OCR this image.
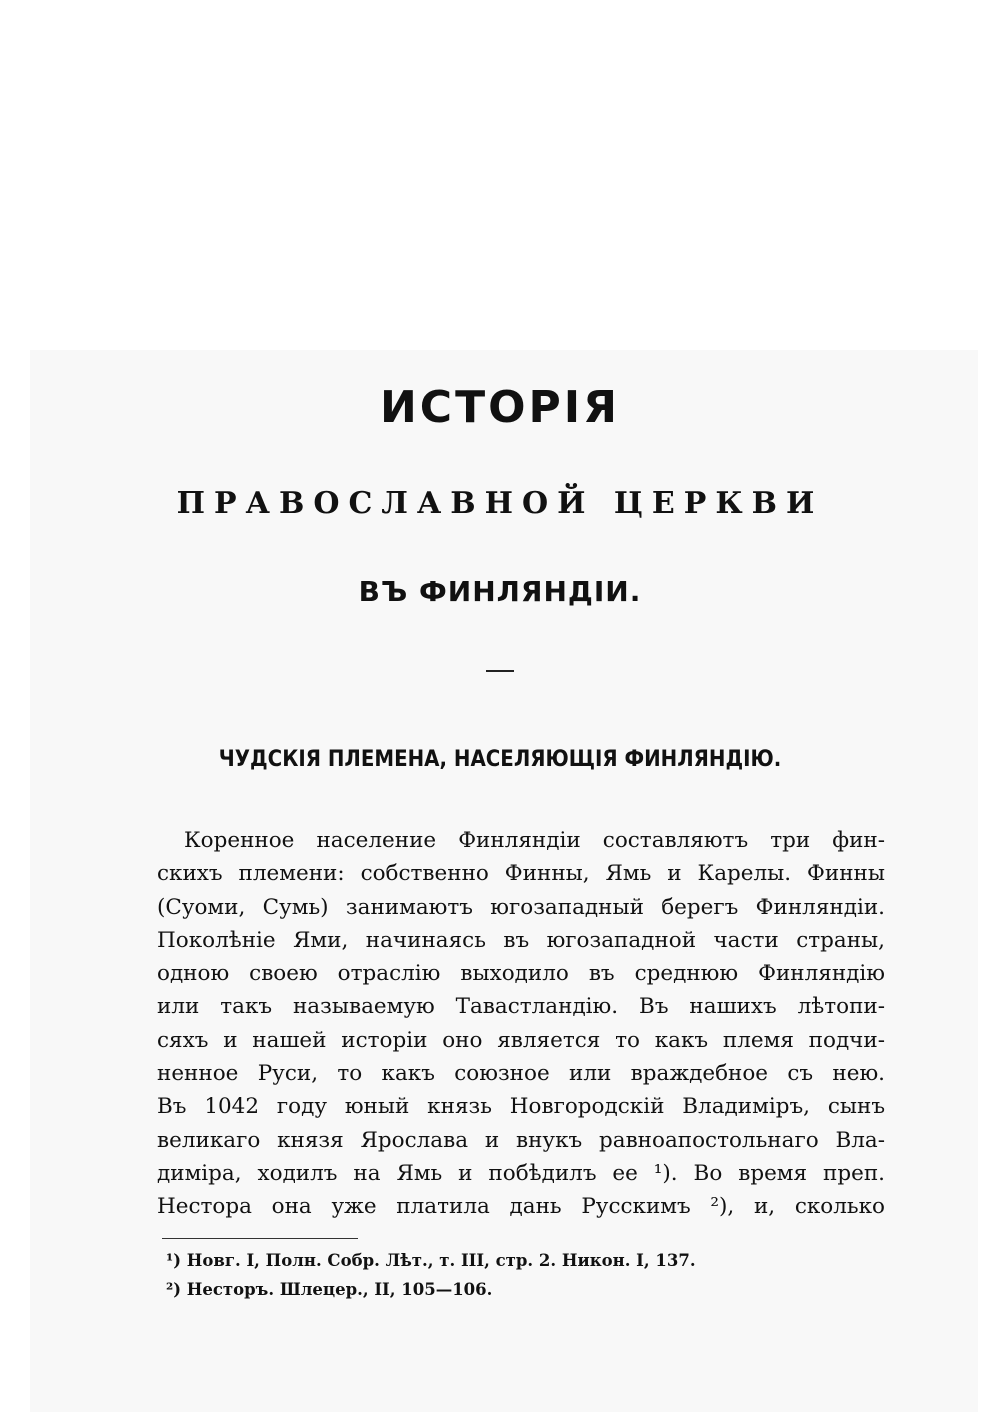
ИСТОРІЯ
ПРАВОСЛАВНОЙ ЦЕРКВИ
ВЪ ФИНЛЯНДІИ.
ЧУДСКІЯ ПЛЕМЕНА, НАСЕЛЯЮЩІЯ ФИНЛЯНДІЮ.
Коренное население Финляндіи составляютъ три фин-
скихъ племени: собственно Финны, Ямь и Карелы. Финны
(Суоми, Сумь) занимаютъ югозападный берегъ Финляндіи.
Поколѣніе Ями, начинаясь въ югозападной части страны,
одною своею отраслію выходило въ среднюю Финляндію
или такъ называемую Тавастландію. Въ нашихъ лѣтопи-
сяхъ и нашей исторіи оно является то какъ племя подчи-
ненное Руси, то какъ союзное или враждебное съ нею.
Въ 1042 году юный князь Новгородскій Владиміръ, сынъ
великаго князя Ярослава и внукъ равноапостольнаго Вла-
диміра, ходилъ на Ямь и побѣдилъ ее ¹). Во время преп.
Нестора она уже платила дань Русскимъ ²), и, сколько
¹) Новг. I, Полн. Собр. Лѣт., т. III, стр. 2. Никон. I, 137.
²) Несторъ. Шлецер., II, 105—106.
